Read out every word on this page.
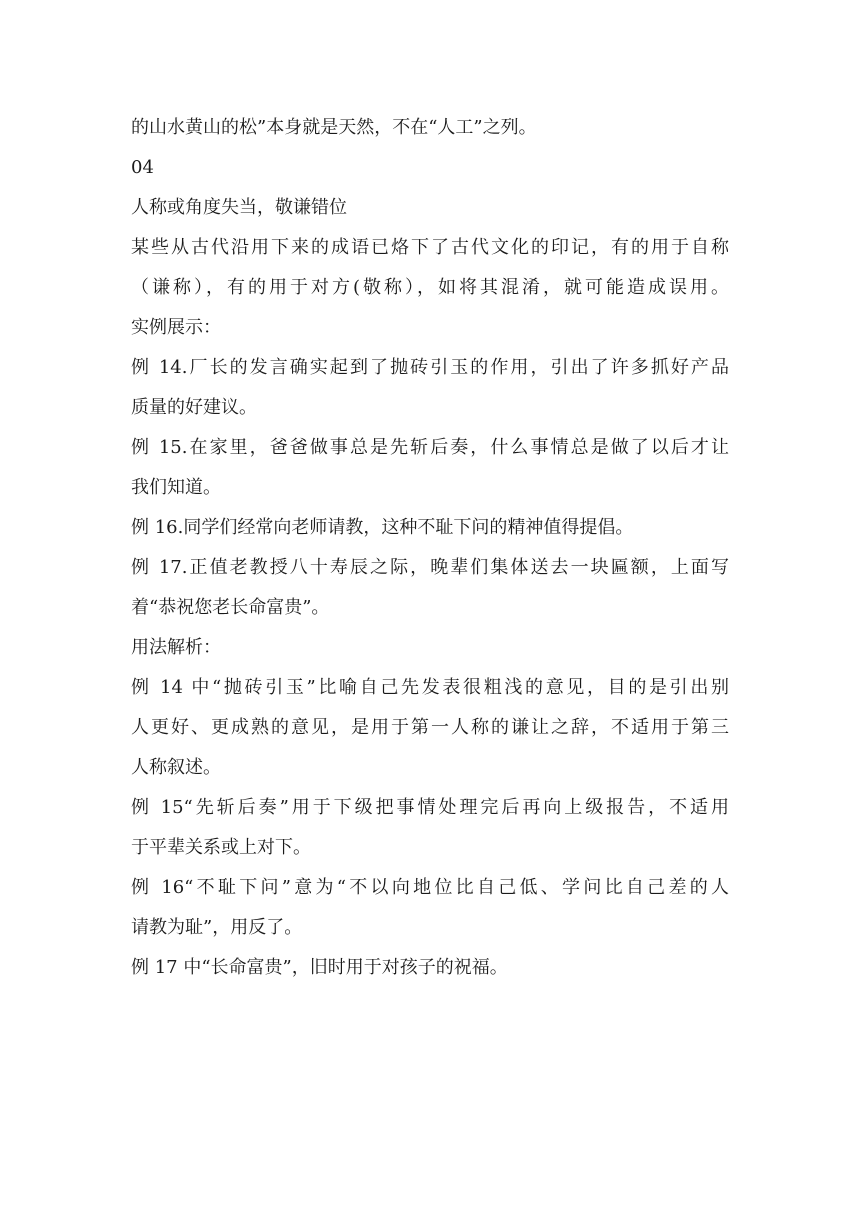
的山水黄山的松”本身就是天然，不在“人工”之列。
04
人称或角度失当，敬谦错位
某些从古代沿用下来的成语已烙下了古代文化的印记，有的用于自称
（谦称），有的用于对方(敬称），如将其混淆，就可能造成误用。
实例展示：
例 14.厂长的发言确实起到了抛砖引玉的作用，引出了许多抓好产品
质量的好建议。
例 15.在家里，爸爸做事总是先斩后奏，什么事情总是做了以后才让
我们知道。
例 16.同学们经常向老师请教，这种不耻下问的精神值得提倡。
例 17.正值老教授八十寿辰之际，晚辈们集体送去一块匾额，上面写
着“恭祝您老长命富贵”。
用法解析：
例 14 中“抛砖引玉”比喻自己先发表很粗浅的意见，目的是引出别
人更好、更成熟的意见，是用于第一人称的谦让之辞，不适用于第三
人称叙述。
例 15“先斩后奏”用于下级把事情处理完后再向上级报告，不适用
于平辈关系或上对下。
例 16“不耻下问”意为“不以向地位比自己低、学问比自己差的人
请教为耻”，用反了。
例 17 中“长命富贵”，旧时用于对孩子的祝福。
